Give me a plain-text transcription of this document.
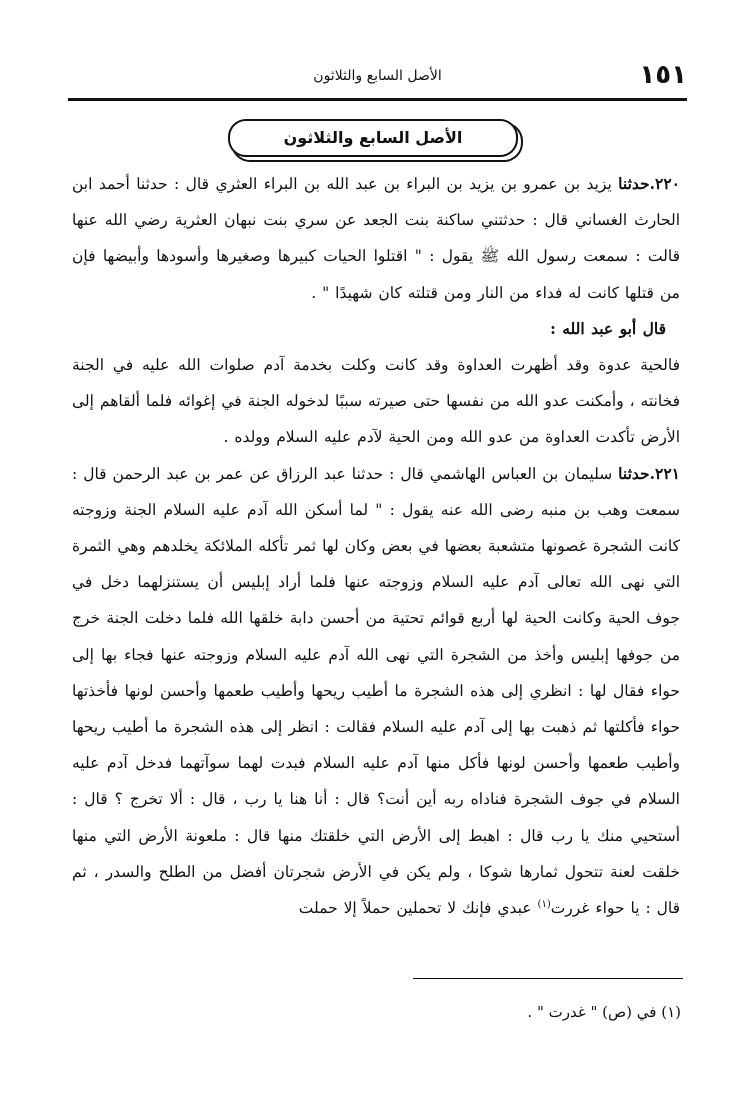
١٥١
الأصل السابع والثلاثون
الأصل السابع والثلاثون

٢٢٠.حدثنا يزيد بن عمرو بن يزيد بن البراء بن عبد الله بن البراء العثري قال : حدثنا أحمد ابن الحارث الغساني قال : حدثتني ساكنة بنت الجعد عن سري بنت نبهان العثرية رضي الله عنها قالت : سمعت رسول الله ﷺ يقول : " اقتلوا الحيات كبيرها وصغيرها وأسودها وأبيضها فإن من قتلها كانت له فداء من النار ومن قتلته كان شهيدًا " .

قال أبو عبد الله :

فالحية عدوة وقد أظهرت العداوة وقد كانت وكلت بخدمة آدم صلوات الله عليه في الجنة فخانته ، وأمكنت عدو الله من نفسها حتى صيرته سببًا لدخوله الجنة في إغوائه فلما ألقاهم إلى الأرض تأكدت العداوة من عدو الله ومن الحية لآدم عليه السلام وولده .

٢٢١.حدثنا سليمان بن العباس الهاشمي قال : حدثنا عبد الرزاق عن عمر بن عبد الرحمن قال : سمعت وهب بن منبه رضى الله عنه يقول : " لما أسكن الله آدم عليه السلام الجنة وزوجته كانت الشجرة غصونها متشعبة بعضها في بعض وكان لها ثمر تأكله الملائكة يخلدهم وهي الثمرة التي نهى الله تعالى آدم عليه السلام وزوجته عنها فلما أراد إبليس أن يستنزلهما دخل في جوف الحية وكانت الحية لها أربع قوائم تحتية من أحسن دابة خلقها الله فلما دخلت الجنة خرج من جوفها إبليس وأخذ من الشجرة التي نهى الله آدم عليه السلام وزوجته عنها فجاء بها إلى حواء فقال لها : انظري إلى هذه الشجرة ما أطيب ريحها وأطيب طعمها وأحسن لونها فأخذتها حواء فأكلتها ثم ذهبت بها إلى آدم عليه السلام فقالت : انظر إلى هذه الشجرة ما أطيب ريحها وأطيب طعمها وأحسن لونها فأكل منها آدم عليه السلام فبدت لهما سوآتهما فدخل آدم عليه السلام في جوف الشجرة فناداه ربه أين أنت؟ قال : أنا هنا يا رب ، قال : ألا تخرج ؟ قال : أستحيي منك يا رب قال : اهبط إلى الأرض التي خلقتك منها قال : ملعونة الأرض التي منها خلقت لعنة تتحول ثمارها شوكا ، ولم يكن في الأرض شجرتان أفضل من الطلح والسدر ، ثم قال : يا حواء غررت$^{(١)}$ عبدي فإنك لا تحملين حملاً إلا حملت

(١) في (ص) " غدرت " .
